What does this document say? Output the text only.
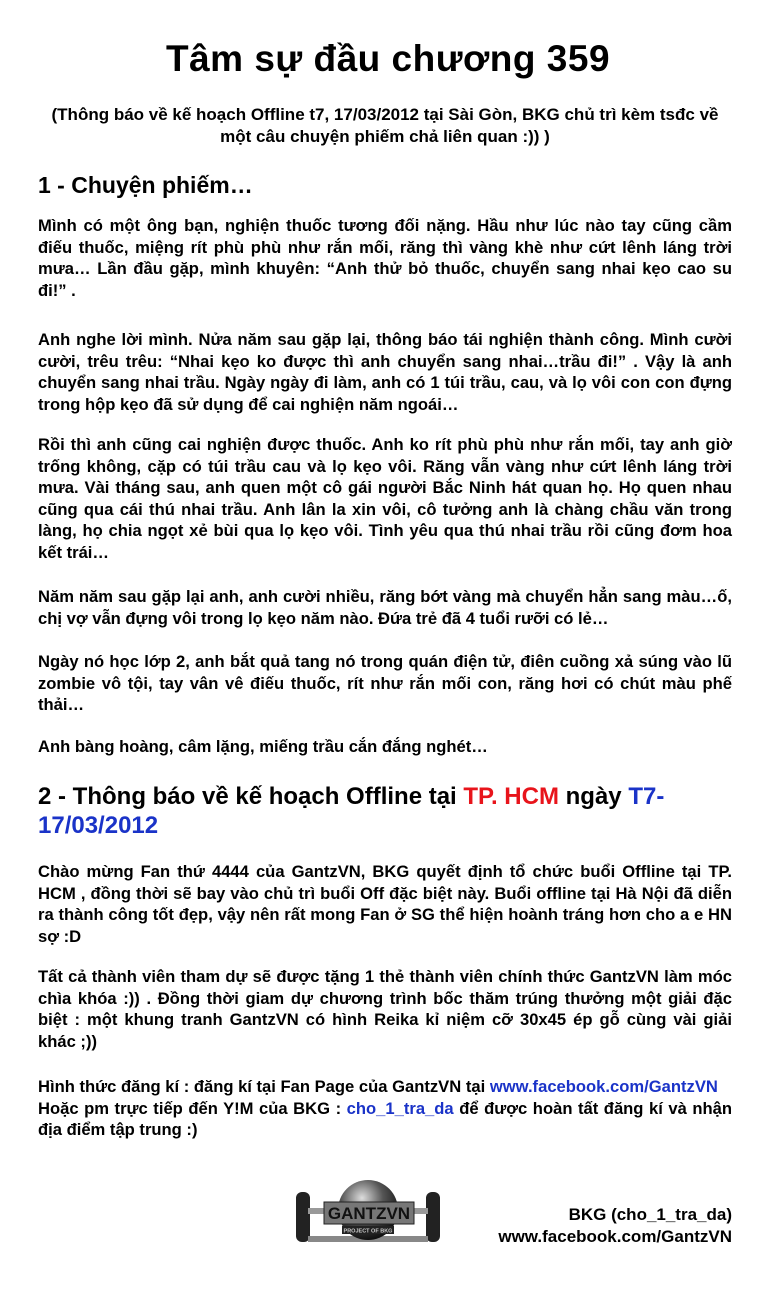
Tâm sự đầu chương 359
(Thông báo về kế hoạch Offline t7, 17/03/2012 tại Sài Gòn, BKG chủ trì kèm tsđc về một câu chuyện phiếm chả liên quan :)) )
1 - Chuyện phiếm…

Mình có một ông bạn, nghiện thuốc tương đối nặng. Hầu như lúc nào tay cũng cầm điếu thuốc, miệng rít phù phù như rắn mối, răng thì vàng khè như cứt lênh láng trời mưa… Lần đầu gặp, mình khuyên: “Anh thử bỏ thuốc, chuyển sang nhai kẹo cao su đi!” .

Anh nghe lời mình. Nửa năm sau gặp lại, thông báo tái nghiện thành công. Mình cười cười, trêu trêu: “Nhai kẹo ko được thì anh chuyển sang nhai…trầu đi!” . Vậy là anh chuyển sang nhai trầu. Ngày ngày đi làm, anh có 1 túi trầu, cau, và lọ vôi con con đựng trong hộp kẹo đã sử dụng để cai nghiện năm ngoái…

Rồi thì anh cũng cai nghiện được thuốc. Anh ko rít phù phù như rắn mối, tay anh giờ trống không, cặp có túi trầu cau và lọ kẹo vôi. Răng vẫn vàng như cứt lênh láng trời mưa. Vài tháng sau, anh quen một cô gái người Bắc Ninh hát quan họ. Họ quen nhau cũng qua cái thú nhai trầu. Anh lân la xin vôi, cô tưởng anh là chàng chầu văn trong làng, họ chia ngọt xẻ bùi qua lọ kẹo vôi. Tình yêu qua thú nhai trầu rồi cũng đơm hoa kết trái…

Năm năm sau gặp lại anh, anh cười nhiều, răng bớt vàng mà chuyển hẳn sang màu…ố, chị vợ vẫn đựng vôi trong lọ kẹo năm nào. Đứa trẻ đã 4 tuổi rưỡi có lẻ…

Ngày nó học lớp 2, anh bắt quả tang nó trong quán điện tử, điên cuồng xả súng vào lũ zombie vô tội, tay vân vê điếu thuốc, rít như rắn mối con, răng hơi có chút màu phế thải…

Anh bàng hoàng, câm lặng, miếng trầu cắn đắng nghét…

2 - Thông báo về kế hoạch Offline tại TP. HCM ngày T7-17/03/2012

Chào mừng Fan thứ 4444 của GantzVN, BKG quyết định tổ chức buổi Offline tại TP. HCM , đồng thời sẽ bay vào chủ trì buổi Off đặc biệt này. Buổi offline tại Hà Nội đã diễn ra thành công tốt đẹp, vậy nên rất mong Fan ở SG thể hiện hoành tráng hơn cho a e HN sợ :D

Tất cả thành viên tham dự sẽ được tặng 1 thẻ thành viên chính thức GantzVN làm móc chìa khóa :)) . Đồng thời giam dự chương trình bốc thăm trúng thưởng một giải đặc biệt : một khung tranh GantzVN có hình Reika kỉ niệm cỡ 30x45 ép gỗ cùng vài giải khác ;))

Hình thức đăng kí : đăng kí tại Fan Page của GantzVN tại www.facebook.com/GantzVN
Hoặc pm trực tiếp đến Y!M của BKG : cho_1_tra_da để được hoàn tất đăng kí và nhận địa điểm tập trung :)

GANTZVN
PROJECT OF BKG
BKG (cho_1_tra_da)
www.facebook.com/GantzVN
